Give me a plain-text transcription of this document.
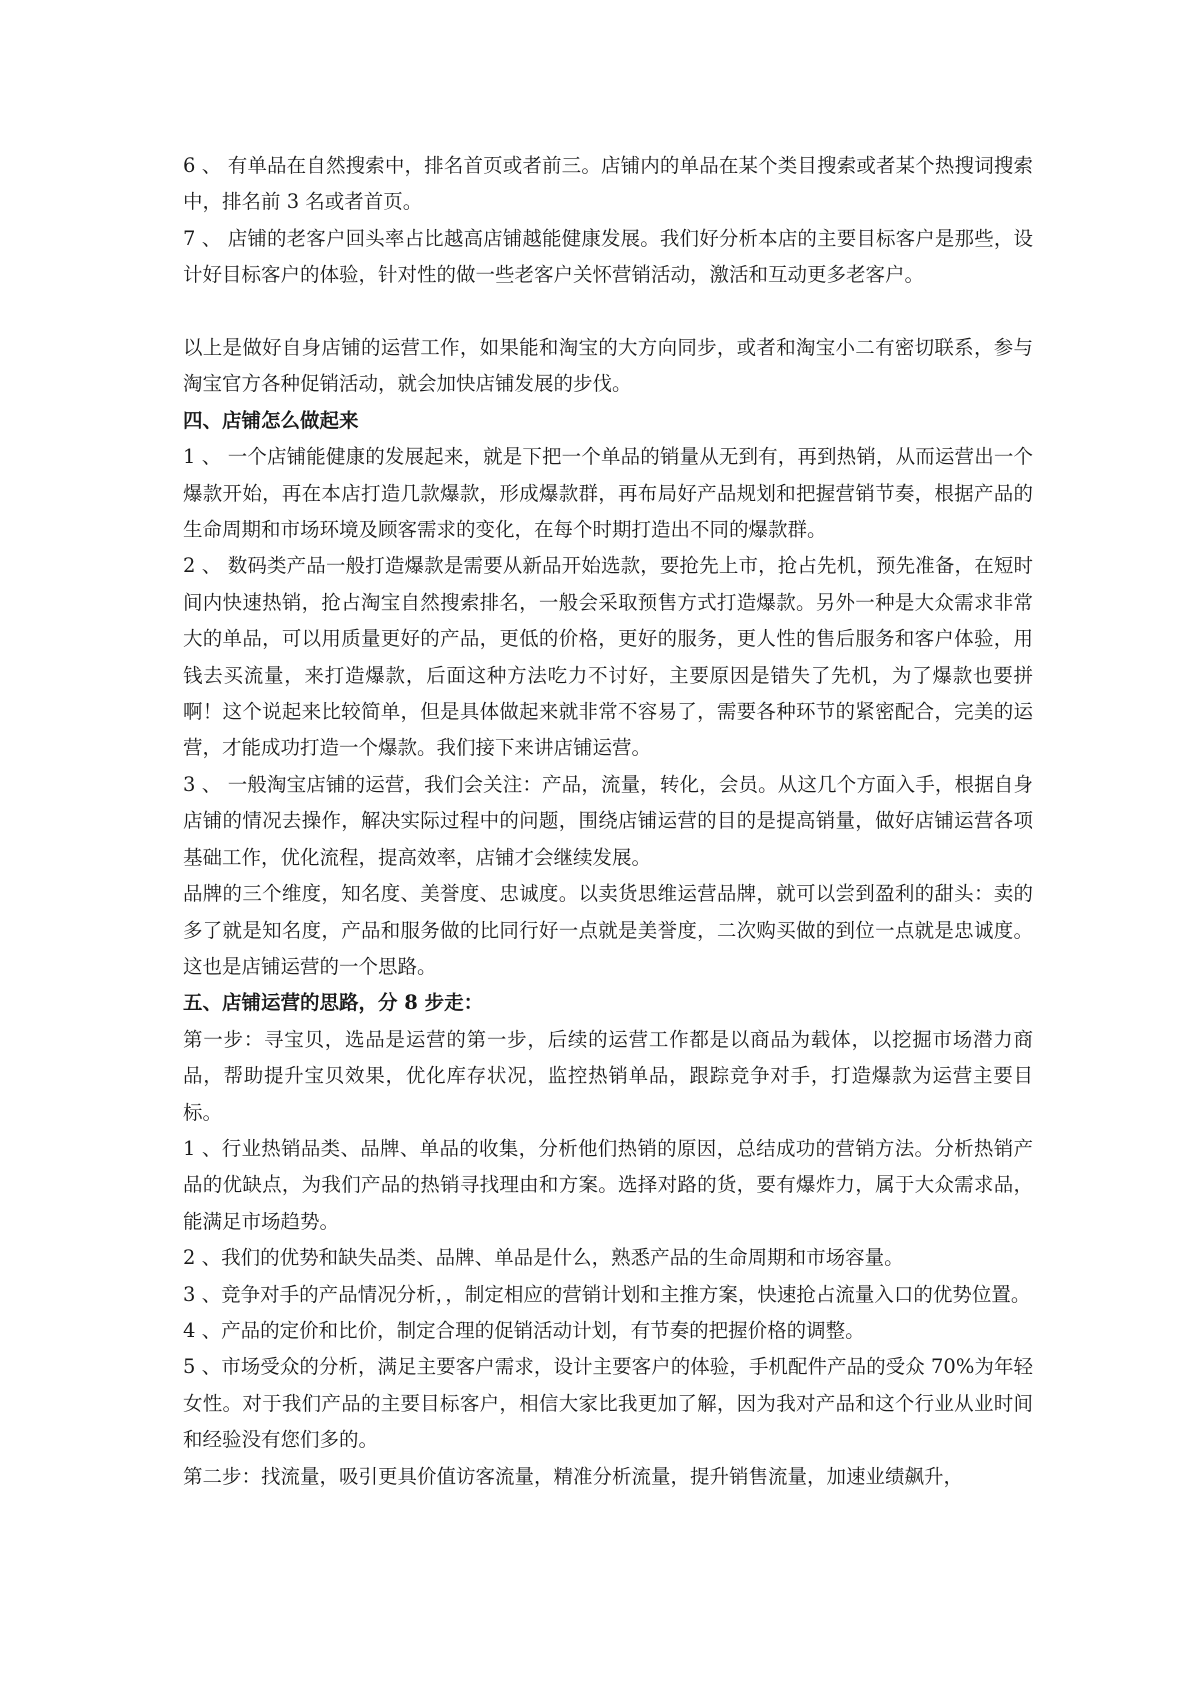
6 、 有单品在自然搜索中，排名首页或者前三。店铺内的单品在某个类目搜索或者某个热搜词搜索中，排名前 3 名或者首页。

7 、 店铺的老客户回头率占比越高店铺越能健康发展。我们好分析本店的主要目标客户是那些，设计好目标客户的体验，针对性的做一些老客户关怀营销活动，激活和互动更多老客户。

以上是做好自身店铺的运营工作，如果能和淘宝的大方向同步，或者和淘宝小二有密切联系，参与淘宝官方各种促销活动，就会加快店铺发展的步伐。

四、店铺怎么做起来

1 、 一个店铺能健康的发展起来，就是下把一个单品的销量从无到有，再到热销，从而运营出一个爆款开始，再在本店打造几款爆款，形成爆款群，再布局好产品规划和把握营销节奏，根据产品的生命周期和市场环境及顾客需求的变化，在每个时期打造出不同的爆款群。

2 、 数码类产品一般打造爆款是需要从新品开始选款，要抢先上市，抢占先机，预先准备，在短时间内快速热销，抢占淘宝自然搜索排名，一般会采取预售方式打造爆款。另外一种是大众需求非常大的单品，可以用质量更好的产品，更低的价格，更好的服务，更人性的售后服务和客户体验，用钱去买流量，来打造爆款，后面这种方法吃力不讨好，主要原因是错失了先机，为了爆款也要拼啊！这个说起来比较简单，但是具体做起来就非常不容易了，需要各种环节的紧密配合，完美的运营，才能成功打造一个爆款。我们接下来讲店铺运营。

3 、 一般淘宝店铺的运营，我们会关注：产品，流量，转化，会员。从这几个方面入手，根据自身店铺的情况去操作，解决实际过程中的问题，围绕店铺运营的目的是提高销量，做好店铺运营各项基础工作，优化流程，提高效率，店铺才会继续发展。

品牌的三个维度，知名度、美誉度、忠诚度。以卖货思维运营品牌，就可以尝到盈利的甜头：卖的多了就是知名度，产品和服务做的比同行好一点就是美誉度，二次购买做的到位一点就是忠诚度。这也是店铺运营的一个思路。

五、店铺运营的思路，分 8 步走：

第一步：寻宝贝，选品是运营的第一步，后续的运营工作都是以商品为载体，以挖掘市场潜力商品，帮助提升宝贝效果，优化库存状况，监控热销单品，跟踪竞争对手，打造爆款为运营主要目标。

1 、行业热销品类、品牌、单品的收集，分析他们热销的原因，总结成功的营销方法。分析热销产品的优缺点，为我们产品的热销寻找理由和方案。选择对路的货，要有爆炸力，属于大众需求品，能满足市场趋势。

2 、我们的优势和缺失品类、品牌、单品是什么，熟悉产品的生命周期和市场容量。

3 、竞争对手的产品情况分析，，制定相应的营销计划和主推方案，快速抢占流量入口的优势位置。

4 、产品的定价和比价，制定合理的促销活动计划，有节奏的把握价格的调整。

5 、市场受众的分析，满足主要客户需求，设计主要客户的体验，手机配件产品的受众 70%为年轻女性。对于我们产品的主要目标客户，相信大家比我更加了解，因为我对产品和这个行业从业时间和经验没有您们多的。

第二步：找流量，吸引更具价值访客流量，精准分析流量，提升销售流量，加速业绩飙升，
